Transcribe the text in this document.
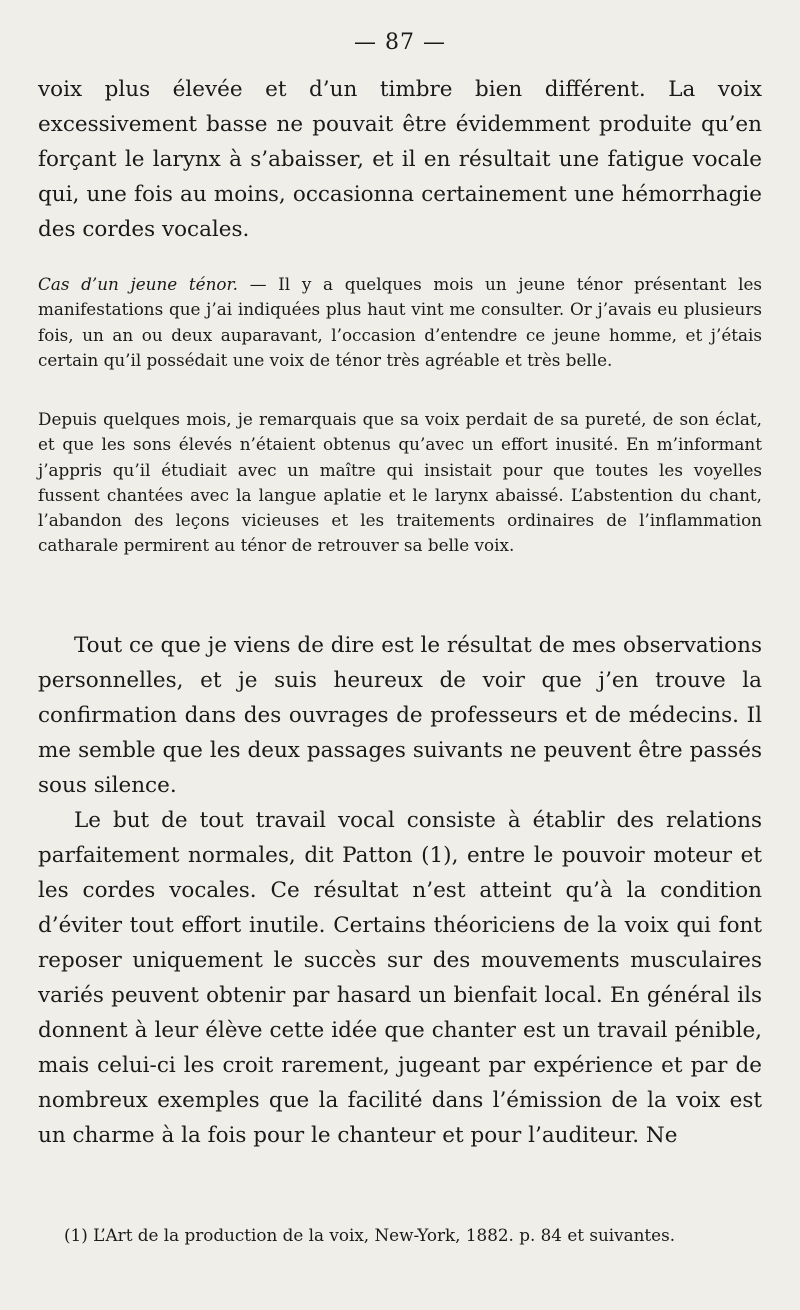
— 87 —

voix plus élevée et d’un timbre bien différent. La voix excessivement basse ne pouvait être évidemment produite qu’en forçant le larynx à s’abaisser, et il en résultait une fatigue vocale qui, une fois au moins, occasionna certainement une hémorrhagie des cordes vocales.

Cas d’un jeune ténor. — Il y a quelques mois un jeune ténor présentant les manifestations que j’ai indiquées plus haut vint me consulter. Or j’avais eu plusieurs fois, un an ou deux auparavant, l’occasion d’entendre ce jeune homme, et j’étais certain qu’il possédait une voix de ténor très agréable et très belle.

Depuis quelques mois, je remarquais que sa voix perdait de sa pureté, de son éclat, et que les sons élevés n’étaient obtenus qu’avec un effort inusité. En m’informant j’appris qu’il étudiait avec un maître qui insistait pour que toutes les voyelles fussent chantées avec la langue aplatie et le larynx abaissé. L’abstention du chant, l’abandon des leçons vicieuses et les traitements ordinaires de l’inflammation catharale permirent au ténor de retrouver sa belle voix.

Tout ce que je viens de dire est le résultat de mes observations personnelles, et je suis heureux de voir que j’en trouve la confirmation dans des ouvrages de professeurs et de médecins. Il me semble que les deux passages suivants ne peuvent être passés sous silence.

Le but de tout travail vocal consiste à établir des relations parfaitement normales, dit Patton (1), entre le pouvoir moteur et les cordes vocales. Ce résultat n’est atteint qu’à la condition d’éviter tout effort inutile. Certains théoriciens de la voix qui font reposer uniquement le succès sur des mouvements musculaires variés peuvent obtenir par hasard un bienfait local. En général ils donnent à leur élève cette idée que chanter est un travail pénible, mais celui-ci les croit rarement, jugeant par expérience et par de nombreux exemples que la facilité dans l’émission de la voix est un charme à la fois pour le chanteur et pour l’auditeur. Ne

(1) L’Art de la production de la voix, New-York, 1882. p. 84 et suivantes.
